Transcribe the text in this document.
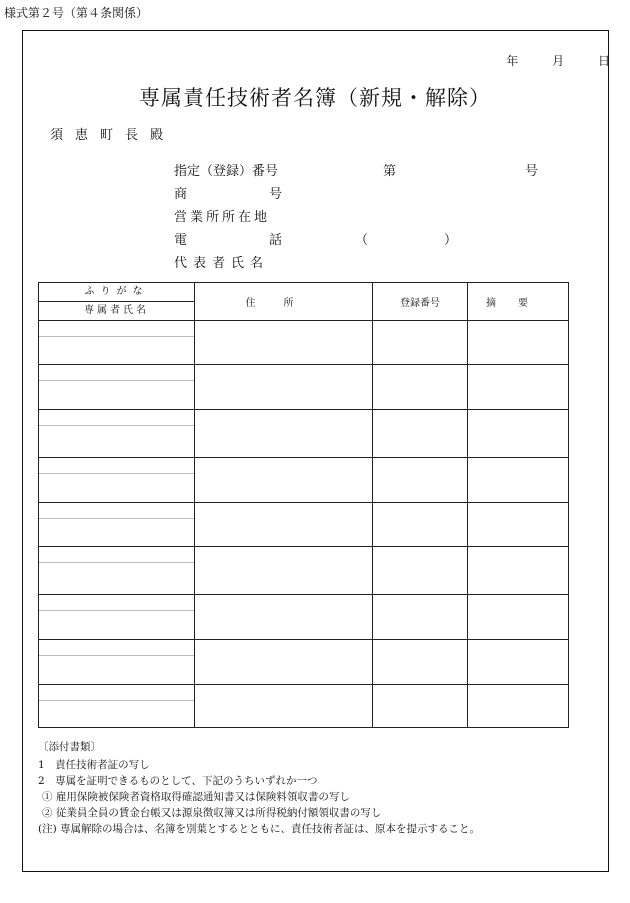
様式第２号（第４条関係）
年	月	日
専属責任技術者名簿（新規・解除）
須恵町長殿
指定（登録）番号	第	号
商	号
営業所所在地
電	話	（	）
代表者氏名
ふりがな
専属者氏名	住所	登録番号	摘要

〔添付書類〕
1　責任技術者証の写し
2　専属を証明できるものとして、下記のうちいずれか一つ
① 雇用保険被保険者資格取得確認通知書又は保険料領収書の写し
② 従業員全員の賃金台帳又は源泉徴収簿又は所得税納付額領収書の写し
(注) 専属解除の場合は、名簿を別葉とするとともに、責任技術者証は、原本を提示すること。
